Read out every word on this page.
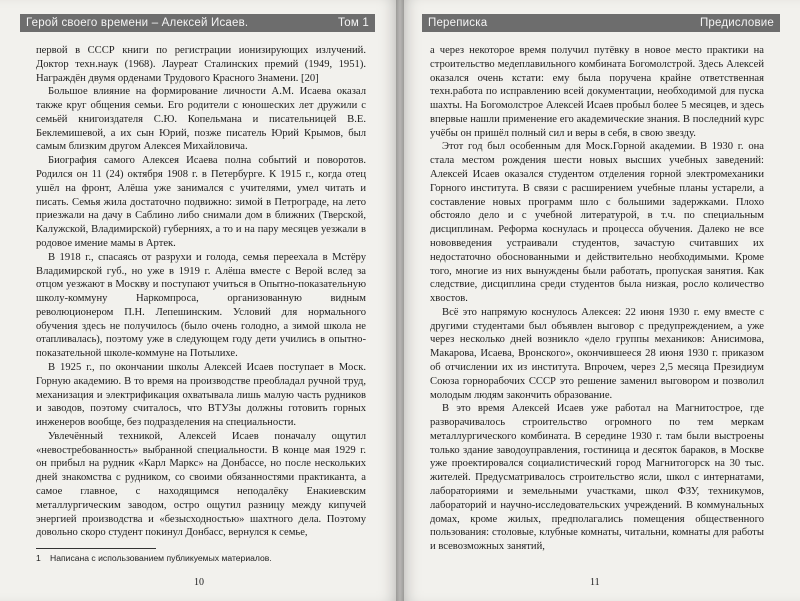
Герой своего времени – Алексей Исаев.	Том 1	Переписка	Предисловие

первой в СССР книги по регистрации ионизирующих излучений. Доктор техн.наук (1968). Лауреат Сталинских премий (1949, 1951). Награждён двумя орденами Трудового Красного Знамени. [20]

Большое влияние на формирование личности А.М. Исаева оказал также круг общения семьи. Его родители с юношеских лет дружили с семьёй книгоиздателя С.Ю. Копельмана и писательницей В.Е. Беклемишевой, а их сын Юрий, позже писатель Юрий Крымов, был самым близким другом Алексея Михайловича.

Биография самого Алексея Исаева полна событий и поворотов. Родился он 11 (24) октября 1908 г. в Петербурге. К 1915 г., когда отец ушёл на фронт, Алёша уже занимался с учителями, умел читать и писать. Семья жила достаточно подвижно: зимой в Петрограде, на лето приезжали на дачу в Саблино либо снимали дом в ближних (Тверской, Калужской, Владимирской) губерниях, а то и на пару месяцев уезжали в родовое имение мамы в Артек.

В 1918 г., спасаясь от разрухи и голода, семья переехала в Мстёру Владимирской губ., но уже в 1919 г. Алёша вместе с Верой вслед за отцом уезжают в Москву и поступают учиться в Опытно-показательную школу-коммуну Наркомпроса, организованную видным революционером П.Н. Лепешинским. Условий для нормального обучения здесь не получилось (было очень голодно, а зимой школа не отапливалась), поэтому уже в следующем году дети учились в опытно-показательной школе-коммуне на Потылихе.

В 1925 г., по окончании школы Алексей Исаев поступает в Моск. Горную академию. В то время на производстве преобладал ручной труд, механизация и электрификация охватывала лишь малую часть рудников и заводов, поэтому считалось, что ВТУЗы должны готовить горных инженеров вообще, без подразделения на специальности.

Увлечённый техникой, Алексей Исаев поначалу ощутил «невостребованность» выбранной специальности. В конце мая 1929 г. он прибыл на рудник «Карл Маркс» на Донбассе, но после нескольких дней знакомства с рудником, со своими обязанностями практиканта, а самое главное, с находящимся неподалёку Енакиевским металлургическим заводом, остро ощутил разницу между кипучей энергией производства и «безысходностью» шахтного дела. Поэтому довольно скоро студент покинул Донбасс, вернулся к семье,

1 Написана с использованием публикуемых материалов.
10

а через некоторое время получил путёвку в новое место практики на строительство медеплавильного комбината Богомолстрой. Здесь Алексей оказался очень кстати: ему была поручена крайне ответственная техн.работа по исправлению всей документации, необходимой для пуска шахты. На Богомолстрое Алексей Исаев пробыл более 5 месяцев, и здесь впервые нашли применение его академические знания. В последний курс учёбы он пришёл полный сил и веры в себя, в свою звезду.

Этот год был особенным для Моск.Горной академии. В 1930 г. она стала местом рождения шести новых высших учебных заведений: Алексей Исаев оказался студентом отделения горной электромеханики Горного института. В связи с расширением учебные планы устарели, а составление новых программ шло с большими задержками. Плохо обстояло дело и с учебной литературой, в т.ч. по специальным дисциплинам. Реформа коснулась и процесса обучения. Далеко не все нововведения устраивали студентов, зачастую считавших их недостаточно обоснованными и действительно необходимыми. Кроме того, многие из них вынуждены были работать, пропуская занятия. Как следствие, дисциплина среди студентов была низкая, росло количество хвостов.

Всё это напрямую коснулось Алексея: 22 июня 1930 г. ему вместе с другими студентами был объявлен выговор с предупреждением, а уже через несколько дней возникло «дело группы механиков: Анисимова, Макарова, Исаева, Вронского», окончившееся 28 июня 1930 г. приказом об отчислении их из института. Впрочем, через 2,5 месяца Президиум Союза горнорабочих СССР это решение заменил выговором и позволил молодым людям закончить образование.

В это время Алексей Исаев уже работал на Магнитострое, где разворачивалось строительство огромного по тем меркам металлургического комбината. В середине 1930 г. там были выстроены только здание заводоуправления, гостиница и десяток бараков, в Москве уже проектировался социалистический город Магнитогорск на 30 тыс. жителей. Предусматривалось строительство ясли, школ с интернатами, лабораториями и земельными участками, школ ФЗУ, техникумов, лабораторий и научно-исследовательских учреждений. В коммунальных домах, кроме жилых, предполагались помещения общественного пользования: столовые, клубные комнаты, читальни, комнаты для работы и всевозможных занятий,

11
